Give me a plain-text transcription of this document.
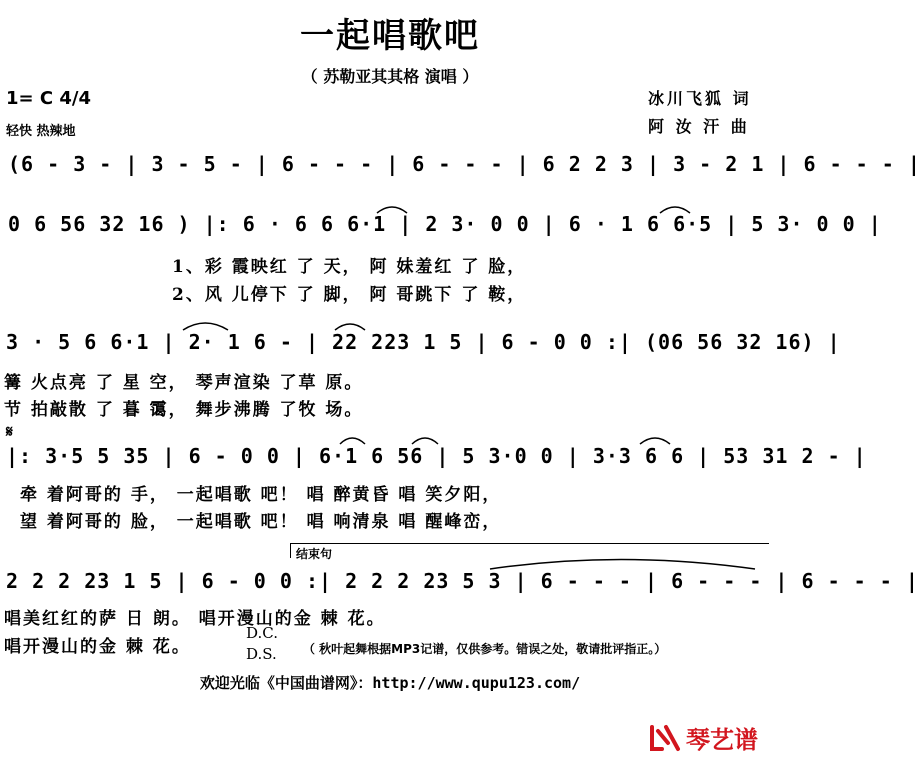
一起唱歌吧
（ 苏勒亚其其格 演唱 ）
1= C 4/4
轻快 热辣地
冰川飞狐 词
阿 汝 汗 曲
(6 - 3 - | 3 - 5 - | 6 - - - | 6 - - - | 6 2 2 3 | 3 - 2 1 | 6 - - - |
0 6 56 32 16 ) |: 6 · 6 6 6·1 | 2 3· 0 0 | 6 · 1 6 6·5 | 5 3· 0 0 |
1、彩 霞映红 了 天， 阿 妹羞红 了 脸，
2、风 儿停下 了 脚， 阿 哥跳下 了 鞍，
3 · 5 6 6·1 | 2· 1 6 - | 22 223 1 5 | 6 - 0 0 :| (06 56 32 16) |
篝 火点亮 了 星 空， 琴声渲染 了草 原。
节 拍敲散 了 暮 霭， 舞步沸腾 了牧 场。
𝄋
|: 3·5 5 35 | 6 - 0 0 | 6·1 6 56 | 5 3·0 0 | 3·3 6 6 | 53 31 2 - |
牵 着阿哥的 手， 一起唱歌 吧！ 唱 醉黄昏 唱 笑夕阳，
望 着阿哥的 脸， 一起唱歌 吧！ 唱 响清泉 唱 醒峰峦，
结束句
2 2 2 23 1 5 | 6 - 0 0 :| 2 2 2 23 5 3 | 6 - - - | 6 - - - | 6 - - - |
唱美红红的萨 日 朗。 唱开漫山的金 棘 花。
唱开漫山的金 棘 花。
D.C.
D.S. （ 秋叶起舞根据MP3记谱，仅供参考。错误之处，敬请批评指正。）
欢迎光临《中国曲谱网》：http://www.qupu123.com/
琴艺谱
